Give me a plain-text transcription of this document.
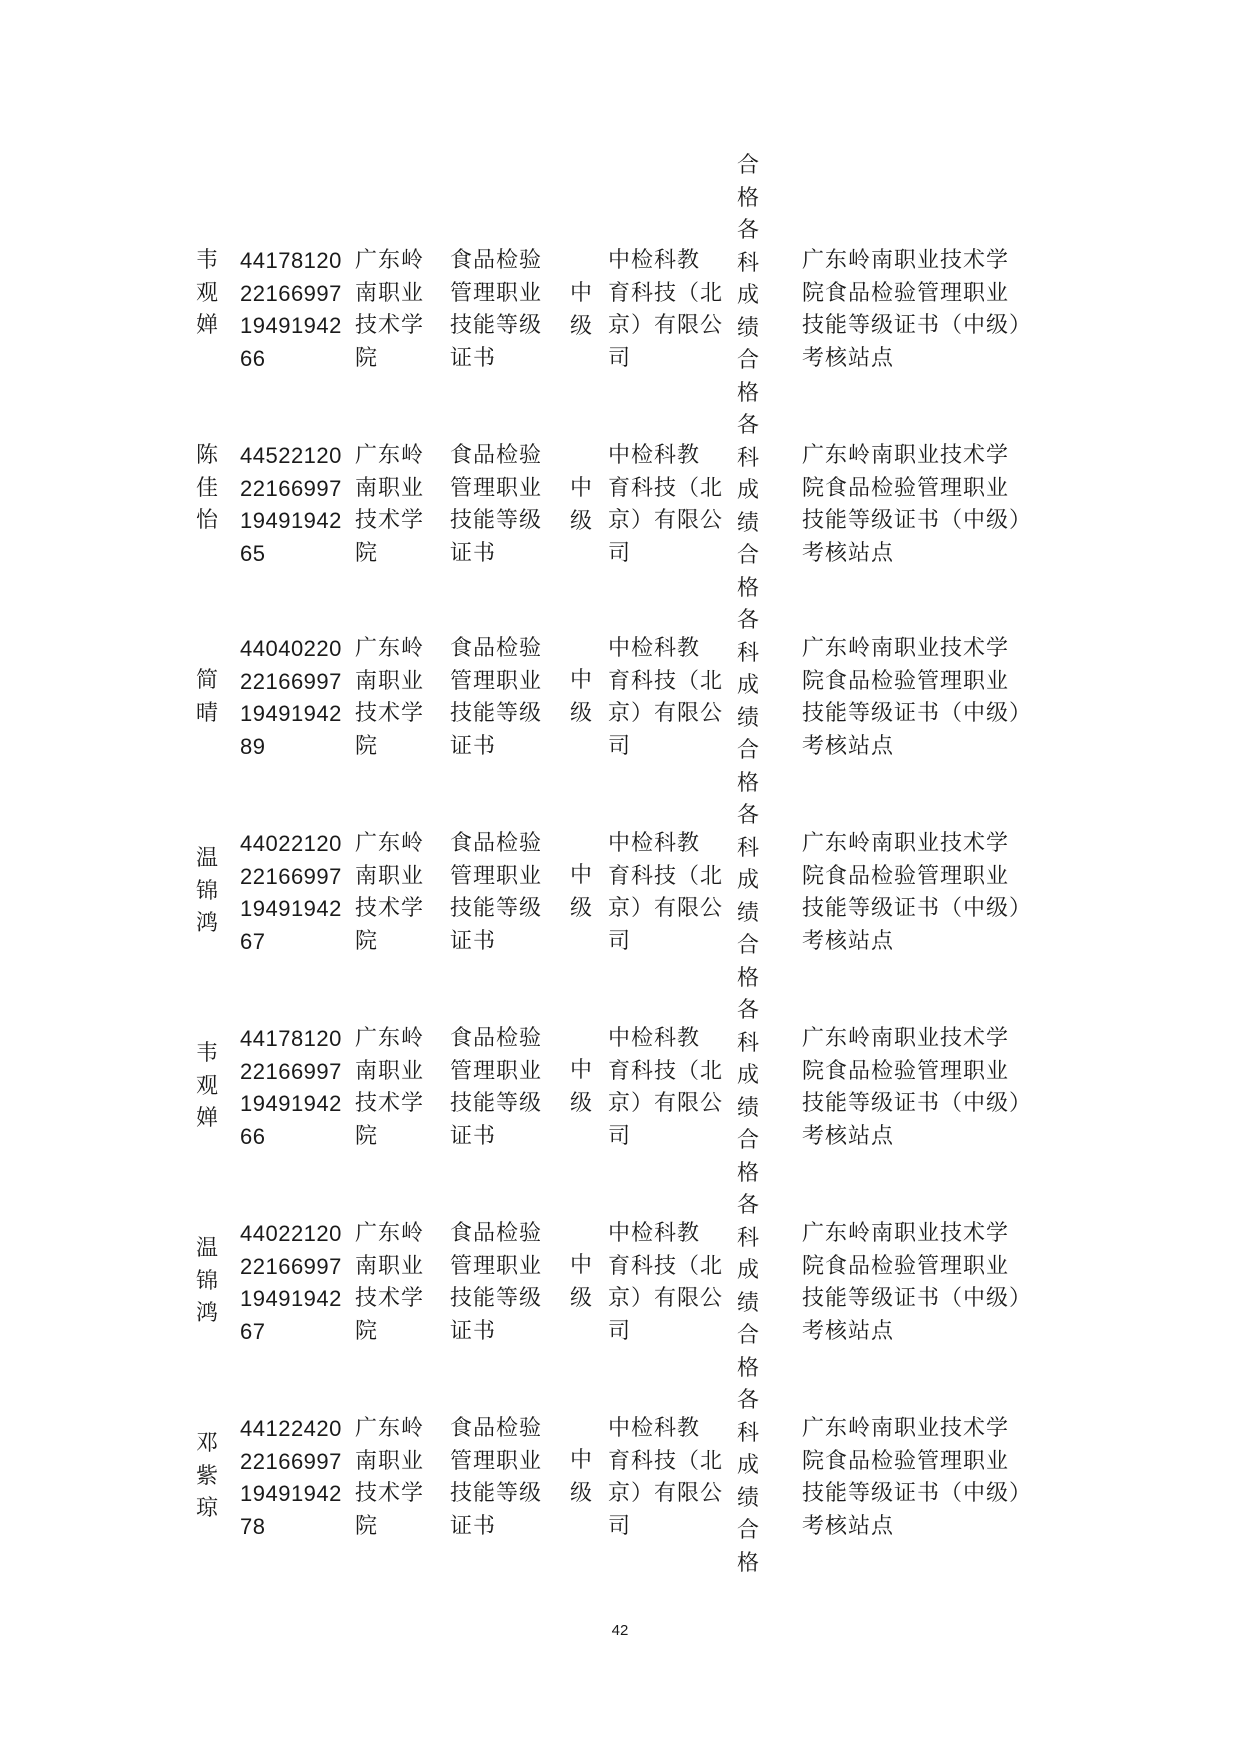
合
格
各
科
成
绩
合
格
各
科
成
绩
合
格
各
科
成
绩
合
格
各
科
成
绩
合
格
各
科
成
绩
合
格
各
科
成
绩
合
格
各
科
成
绩
合
格
韦
观
婵
44178120
22166997
19491942
66
广东岭
南职业
技术学
院
食品检验
管理职业
技能等级
证书
中
级
中检科教
育科技（北
京）有限公
司
广东岭南职业技术学
院食品检验管理职业
技能等级证书（中级）
考核站点
陈
佳
怡
44522120
22166997
19491942
65
广东岭
南职业
技术学
院
食品检验
管理职业
技能等级
证书
中
级
中检科教
育科技（北
京）有限公
司
广东岭南职业技术学
院食品检验管理职业
技能等级证书（中级）
考核站点
简
晴
44040220
22166997
19491942
89
广东岭
南职业
技术学
院
食品检验
管理职业
技能等级
证书
中
级
中检科教
育科技（北
京）有限公
司
广东岭南职业技术学
院食品检验管理职业
技能等级证书（中级）
考核站点
温
锦
鸿
44022120
22166997
19491942
67
广东岭
南职业
技术学
院
食品检验
管理职业
技能等级
证书
中
级
中检科教
育科技（北
京）有限公
司
广东岭南职业技术学
院食品检验管理职业
技能等级证书（中级）
考核站点
韦
观
婵
44178120
22166997
19491942
66
广东岭
南职业
技术学
院
食品检验
管理职业
技能等级
证书
中
级
中检科教
育科技（北
京）有限公
司
广东岭南职业技术学
院食品检验管理职业
技能等级证书（中级）
考核站点
温
锦
鸿
44022120
22166997
19491942
67
广东岭
南职业
技术学
院
食品检验
管理职业
技能等级
证书
中
级
中检科教
育科技（北
京）有限公
司
广东岭南职业技术学
院食品检验管理职业
技能等级证书（中级）
考核站点
邓
紫
琼
44122420
22166997
19491942
78
广东岭
南职业
技术学
院
食品检验
管理职业
技能等级
证书
中
级
中检科教
育科技（北
京）有限公
司
广东岭南职业技术学
院食品检验管理职业
技能等级证书（中级）
考核站点
42
